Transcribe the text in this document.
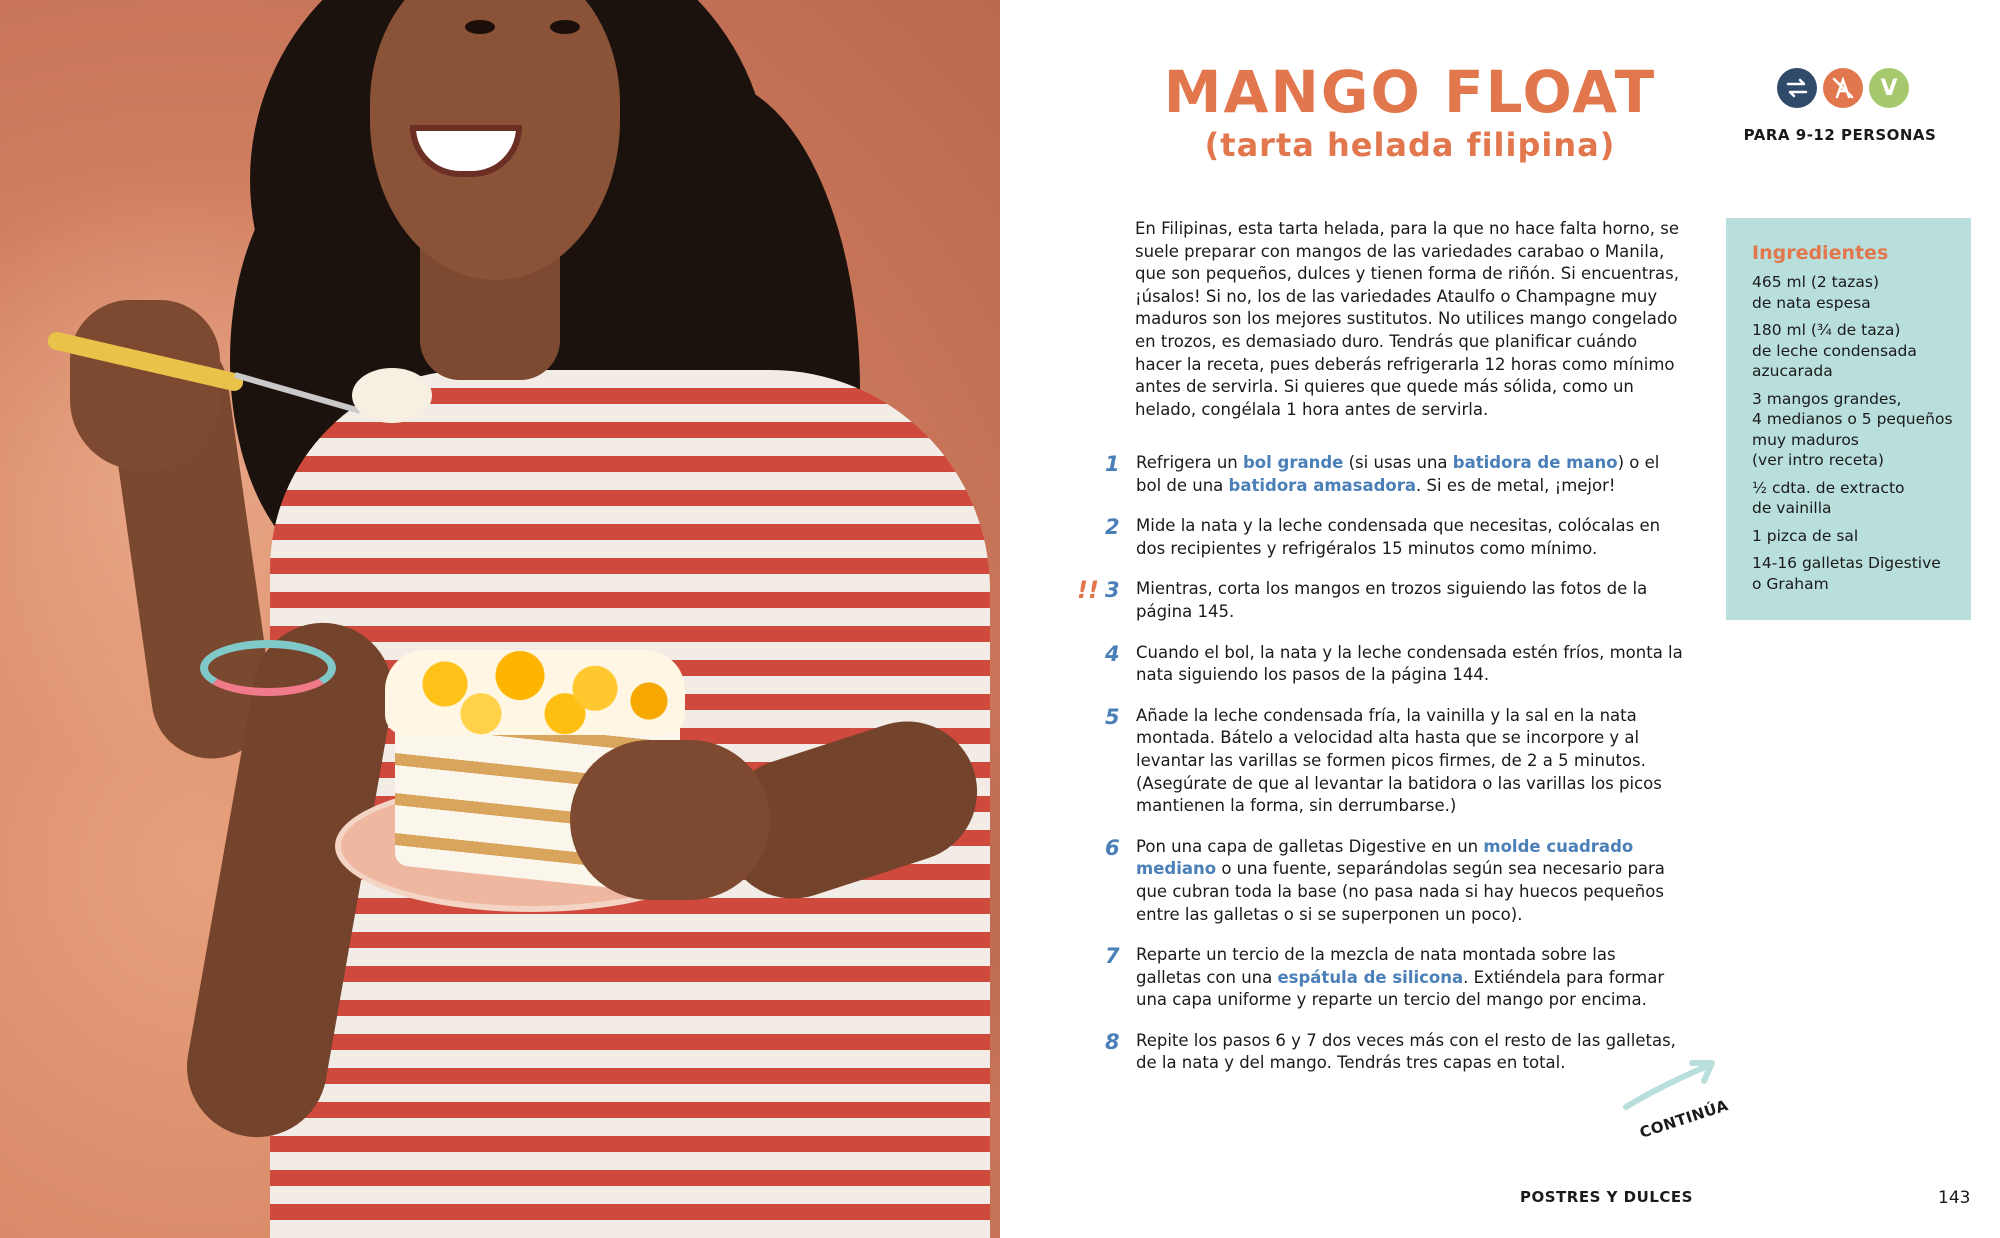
MANGO FLOAT
(tarta helada filipina)
V
PARA 9-12 PERSONAS
En Filipinas, esta tarta helada, para la que no hace falta horno, se suele preparar con mangos de las variedades carabao o Manila, que son pequeños, dulces y tienen forma de riñón. Si encuentras, ¡úsalos! Si no, los de las variedades Ataulfo o Champagne muy maduros son los mejores sustitutos. No utilices mango congelado en trozos, es demasiado duro. Tendrás que planificar cuándo hacer la receta, pues deberás refrigerarla 12 horas como mínimo antes de servirla. Si quieres que quede más sólida, como un helado, congélala 1 hora antes de servirla.
1 Refrigera un bol grande (si usas una batidora de mano) o el bol de una batidora amasadora. Si es de metal, ¡mejor!
2 Mide la nata y la leche condensada que necesitas, colócalas en dos recipientes y refrigéralos 15 minutos como mínimo.
!! 3 Mientras, corta los mangos en trozos siguiendo las fotos de la página 145.
4 Cuando el bol, la nata y la leche condensada estén fríos, monta la nata siguiendo los pasos de la página 144.
5 Añade la leche condensada fría, la vainilla y la sal en la nata montada. Bátelo a velocidad alta hasta que se incorpore y al levantar las varillas se formen picos firmes, de 2 a 5 minutos. (Asegúrate de que al levantar la batidora o las varillas los picos mantienen la forma, sin derrumbarse.)
6 Pon una capa de galletas Digestive en un molde cuadrado mediano o una fuente, separándolas según sea necesario para que cubran toda la base (no pasa nada si hay huecos pequeños entre las galletas o si se superponen un poco).
7 Reparte un tercio de la mezcla de nata montada sobre las galletas con una espátula de silicona. Extiéndela para formar una capa uniforme y reparte un tercio del mango por encima.
8 Repite los pasos 6 y 7 dos veces más con el resto de las galletas, de la nata y del mango. Tendrás tres capas en total.
Ingredientes
465 ml (2 tazas)
de nata espesa
180 ml (¾ de taza)
de leche condensada
azucarada
3 mangos grandes,
4 medianos o 5 pequeños
muy maduros
(ver intro receta)
½ cdta. de extracto
de vainilla
1 pizca de sal
14-16 galletas Digestive
o Graham
CONTINÚA
POSTRES Y DULCES	143
